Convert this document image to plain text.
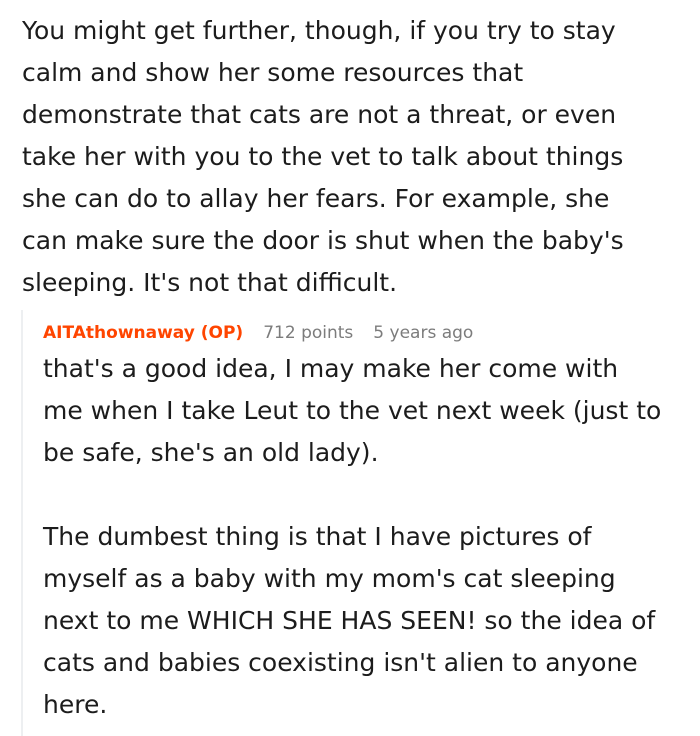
You might get further, though, if you try to stay

calm and show her some resources that

demonstrate that cats are not a threat, or even

take her with you to the vet to talk about things

she can do to allay her fears. For example, she

can make sure the door is shut when the baby's

sleeping. It's not that difficult.

AITAthownaway (OP) 712 points 5 years ago

that's a good idea, I may make her come with
me when I take Leut to the vet next week (just to
be safe, she's an old lady).

The dumbest thing is that I have pictures of
myself as a baby with my mom's cat sleeping
next to me WHICH SHE HAS SEEN! so the idea of
cats and babies coexisting isn't alien to anyone
here.
